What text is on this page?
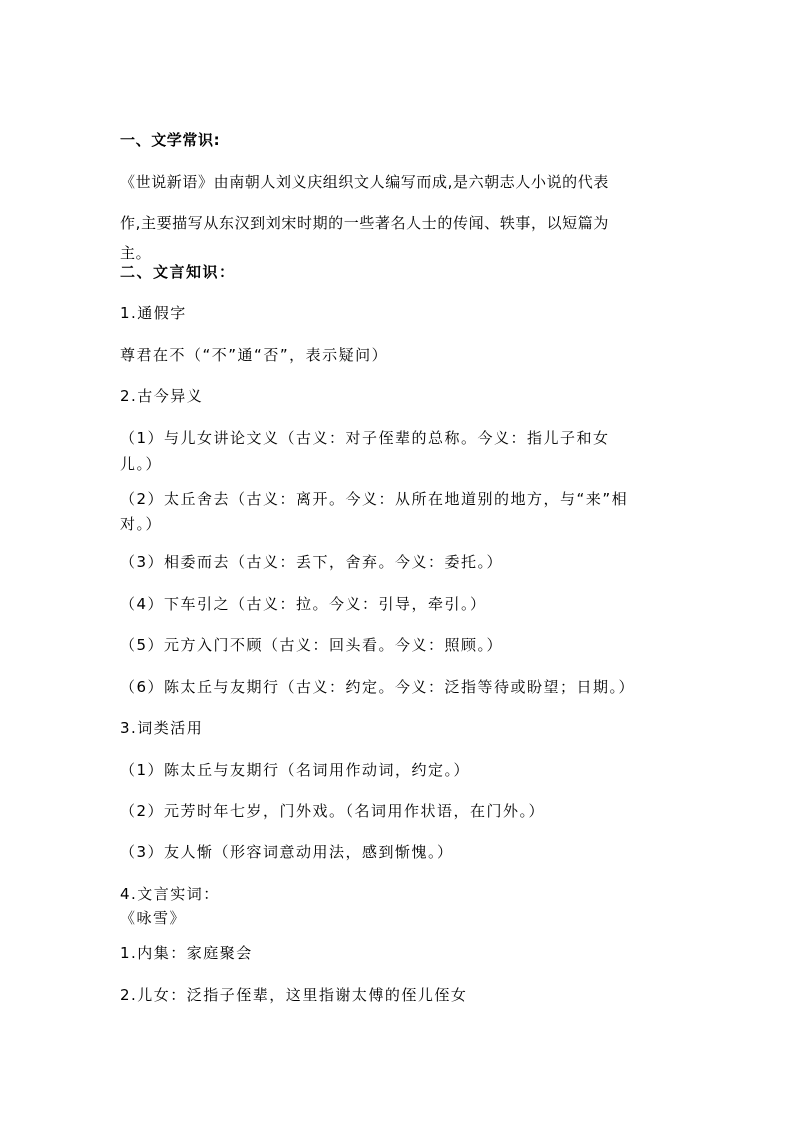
一、文学常识:
《世说新语》由南朝人刘义庆组织文人编写而成,是六朝志人小说的代表
作,主要描写从东汉到刘宋时期的一些著名人士的传闻、轶事，以短篇为
主。
二、文言知识：
1.通假字
尊君在不（“不”通“否”，表示疑问）
2.古今异义
（1）与儿女讲论文义（古义：对子侄辈的总称。今义：指儿子和女
儿。）
（2）太丘舍去（古义：离开。今义：从所在地道别的地方，与“来”相
对。）
（3）相委而去（古义：丢下，舍弃。今义：委托。）
（4）下车引之（古义：拉。今义：引导，牵引。）
（5）元方入门不顾（古义：回头看。今义：照顾。）
（6）陈太丘与友期行（古义：约定。今义：泛指等待或盼望；日期。）
3.词类活用
（1）陈太丘与友期行（名词用作动词，约定。）
（2）元芳时年七岁，门外戏。（名词用作状语，在门外。）
（3）友人惭（形容词意动用法，感到惭愧。）
4.文言实词：
《咏雪》
1.内集：家庭聚会
2.儿女：泛指子侄辈，这里指谢太傅的侄儿侄女
